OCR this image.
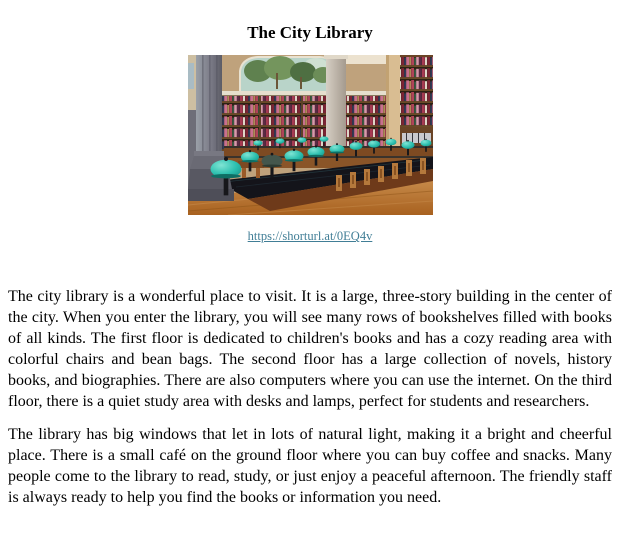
The City Library

https://shorturl.at/0EQ4v

The city library is a wonderful place to visit. It is a large, three-story building in the center of the city. When you enter the library, you will see many rows of bookshelves filled with books of all kinds. The first floor is dedicated to children's books and has a cozy reading area with colorful chairs and bean bags. The second floor has a large collection of novels, history books, and biographies. There are also computers where you can use the internet. On the third floor, there is a quiet study area with desks and lamps, perfect for students and researchers.

The library has big windows that let in lots of natural light, making it a bright and cheerful place. There is a small café on the ground floor where you can buy coffee and snacks. Many people come to the library to read, study, or just enjoy a peaceful afternoon. The friendly staff is always ready to help you find the books or information you need.
